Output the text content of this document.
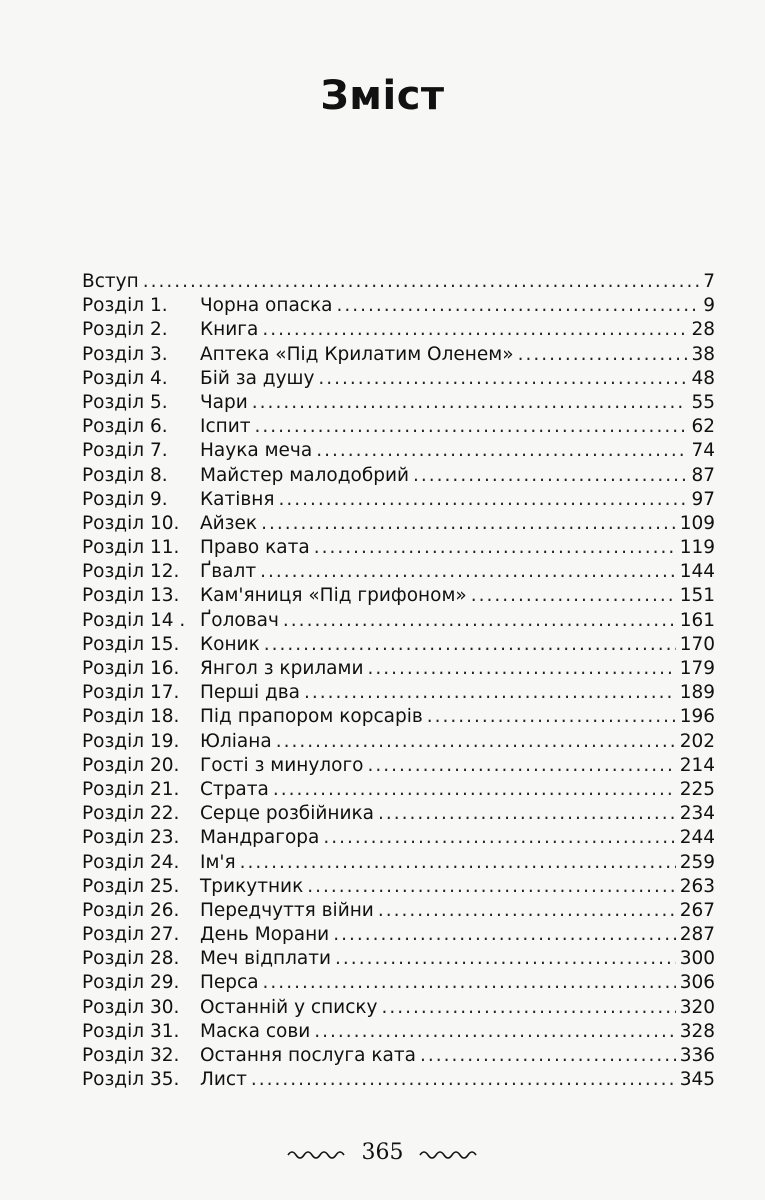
Зміст
Вступ .....	7
Розділ 1.	Чорна опаска .....	9
Розділ 2.	Книга .....	28
Розділ 3.	Аптека «Під Крилатим Оленем» .....	38
Розділ 4.	Бій за душу .....	48
Розділ 5.	Чари .....	55
Розділ 6.	Іспит .....	62
Розділ 7.	Наука меча .....	74
Розділ 8.	Майстер малодобрий .....	87
Розділ 9.	Катівня .....	97
Розділ 10.	Айзек .....	109
Розділ 11.	Право ката .....	119
Розділ 12.	Ґвалт .....	144
Розділ 13.	Кам'яниця «Під грифоном» .....	151
Розділ 14 . Ґоловач .....	161
Розділ 15.	Коник .....	170
Розділ 16.	Янгол з крилами .....	179
Розділ 17.	Перші два .....	189
Розділ 18.	Під прапором корсарів .....	196
Розділ 19.	Юліана .....	202
Розділ 20.	Гості з минулого .....	214
Розділ 21.	Страта .....	225
Розділ 22.	Серце розбійника .....	234
Розділ 23.	Мандрагора .....	244
Розділ 24.	Ім'я .....	259
Розділ 25.	Трикутник .....	263
Розділ 26.	Передчуття війни .....	267
Розділ 27.	День Морани .....	287
Розділ 28.	Меч відплати .....	300
Розділ 29.	Перса .....	306
Розділ 30.	Останній у списку .....	320
Розділ 31.	Маска сови .....	328
Розділ 32.	Остання послуга ката .....	336
Розділ 35.	Лист .....	345
365
